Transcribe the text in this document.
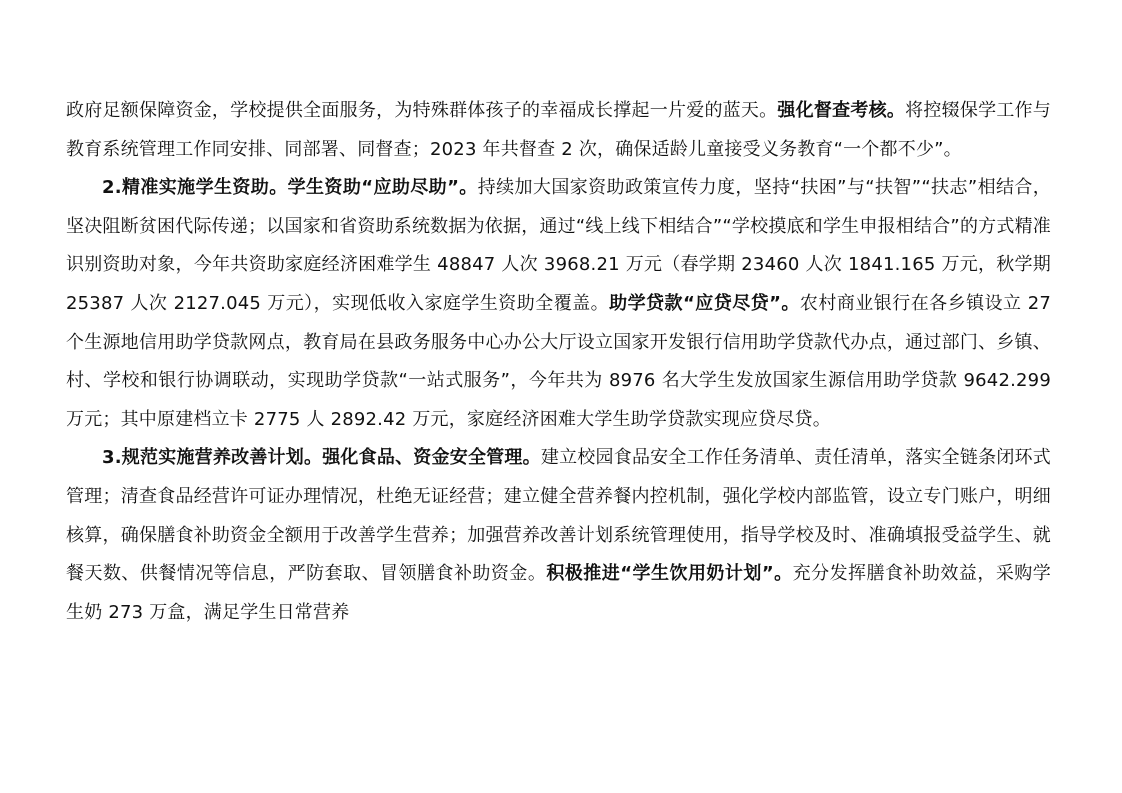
政府足额保障资金，学校提供全面服务，为特殊群体孩子的幸福成长撑起一片爱的蓝天。强化督查考核。将控辍保学工作与教育系统管理工作同安排、同部署、同督查；2023 年共督查 2 次，确保适龄儿童接受义务教育“一个都不少”。

2.精准实施学生资助。学生资助“应助尽助”。持续加大国家资助政策宣传力度，坚持“扶困”与“扶智”“扶志”相结合，坚决阻断贫困代际传递；以国家和省资助系统数据为依据，通过“线上线下相结合”“学校摸底和学生申报相结合”的方式精准识别资助对象，今年共资助家庭经济困难学生 48847 人次 3968.21 万元（春学期 23460 人次 1841.165 万元，秋学期 25387 人次 2127.045 万元），实现低收入家庭学生资助全覆盖。助学贷款“应贷尽贷”。农村商业银行在各乡镇设立 27 个生源地信用助学贷款网点，教育局在县政务服务中心办公大厅设立国家开发银行信用助学贷款代办点，通过部门、乡镇、村、学校和银行协调联动，实现助学贷款“一站式服务”，今年共为 8976 名大学生发放国家生源信用助学贷款 9642.299 万元；其中原建档立卡 2775 人 2892.42 万元，家庭经济困难大学生助学贷款实现应贷尽贷。

3.规范实施营养改善计划。强化食品、资金安全管理。建立校园食品安全工作任务清单、责任清单，落实全链条闭环式管理；清查食品经营许可证办理情况，杜绝无证经营；建立健全营养餐内控机制，强化学校内部监管，设立专门账户，明细核算，确保膳食补助资金全额用于改善学生营养；加强营养改善计划系统管理使用，指导学校及时、准确填报受益学生、就餐天数、供餐情况等信息，严防套取、冒领膳食补助资金。积极推进“学生饮用奶计划”。充分发挥膳食补助效益，采购学生奶 273 万盒，满足学生日常营养
